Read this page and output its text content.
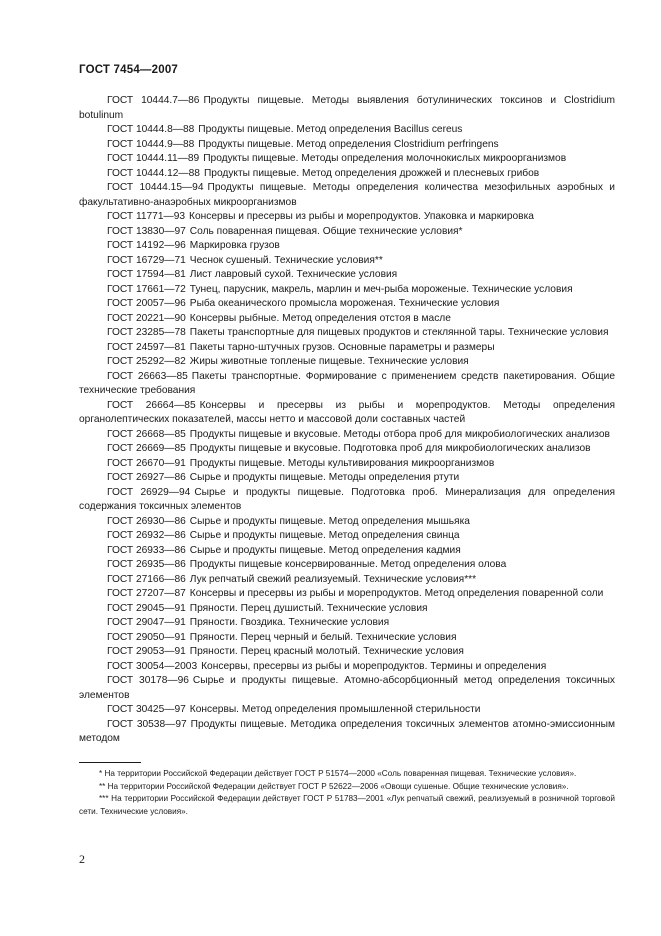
ГОСТ 7454—2007

ГОСТ 10444.7—86 Продукты пищевые. Методы выявления ботулинических токсинов и Clostridium botulinum

ГОСТ 10444.8—88 Продукты пищевые. Метод определения Bacillus cereus

ГОСТ 10444.9—88 Продукты пищевые. Метод определения Clostridium perfringens

ГОСТ 10444.11—89 Продукты пищевые. Методы определения молочнокислых микроорганизмов

ГОСТ 10444.12—88 Продукты пищевые. Метод определения дрожжей и плесневых грибов

ГОСТ 10444.15—94 Продукты пищевые. Методы определения количества мезофильных аэробных и факультативно-анаэробных микроорганизмов

ГОСТ 11771—93 Консервы и пресервы из рыбы и морепродуктов. Упаковка и маркировка

ГОСТ 13830—97 Соль поваренная пищевая. Общие технические условия*

ГОСТ 14192—96 Маркировка грузов

ГОСТ 16729—71 Чеснок сушеный. Технические условия**

ГОСТ 17594—81 Лист лавровый сухой. Технические условия

ГОСТ 17661—72 Тунец, парусник, макрель, марлин и меч-рыба мороженые. Технические условия

ГОСТ 20057—96 Рыба океанического промысла мороженая. Технические условия

ГОСТ 20221—90 Консервы рыбные. Метод определения отстоя в масле

ГОСТ 23285—78 Пакеты транспортные для пищевых продуктов и стеклянной тары. Технические условия

ГОСТ 24597—81 Пакеты тарно-штучных грузов. Основные параметры и размеры

ГОСТ 25292—82 Жиры животные топленые пищевые. Технические условия

ГОСТ 26663—85 Пакеты транспортные. Формирование с применением средств пакетирования. Общие технические требования

ГОСТ 26664—85 Консервы и пресервы из рыбы и морепродуктов. Методы определения органолептических показателей, массы нетто и массовой доли составных частей

ГОСТ 26668—85 Продукты пищевые и вкусовые. Методы отбора проб для микробиологических анализов

ГОСТ 26669—85 Продукты пищевые и вкусовые. Подготовка проб для микробиологических анализов

ГОСТ 26670—91 Продукты пищевые. Методы культивирования микроорганизмов

ГОСТ 26927—86 Сырье и продукты пищевые. Методы определения ртути

ГОСТ 26929—94 Сырье и продукты пищевые. Подготовка проб. Минерализация для определения содержания токсичных элементов

ГОСТ 26930—86 Сырье и продукты пищевые. Метод определения мышьяка

ГОСТ 26932—86 Сырье и продукты пищевые. Метод определения свинца

ГОСТ 26933—86 Сырье и продукты пищевые. Метод определения кадмия

ГОСТ 26935—86 Продукты пищевые консервированные. Метод определения олова

ГОСТ 27166—86 Лук репчатый свежий реализуемый. Технические условия***

ГОСТ 27207—87 Консервы и пресервы из рыбы и морепродуктов. Метод определения поваренной соли

ГОСТ 29045—91 Пряности. Перец душистый. Технические условия

ГОСТ 29047—91 Пряности. Гвоздика. Технические условия

ГОСТ 29050—91 Пряности. Перец черный и белый. Технические условия

ГОСТ 29053—91 Пряности. Перец красный молотый. Технические условия

ГОСТ 30054—2003 Консервы, пресервы из рыбы и морепродуктов. Термины и определения

ГОСТ 30178—96 Сырье и продукты пищевые. Атомно-абсорбционный метод определения токсичных элементов

ГОСТ 30425—97 Консервы. Метод определения промышленной стерильности

ГОСТ 30538—97 Продукты пищевые. Методика определения токсичных элементов атомно-эмиссионным методом

* На территории Российской Федерации действует ГОСТ Р 51574—2000 «Соль поваренная пищевая. Технические условия».

** На территории Российской Федерации действует ГОСТ Р 52622—2006 «Овощи сушеные. Общие технические условия».

*** На территории Российской Федерации действует ГОСТ Р 51783—2001 «Лук репчатый свежий, реализуемый в розничной торговой сети. Технические условия».

2
